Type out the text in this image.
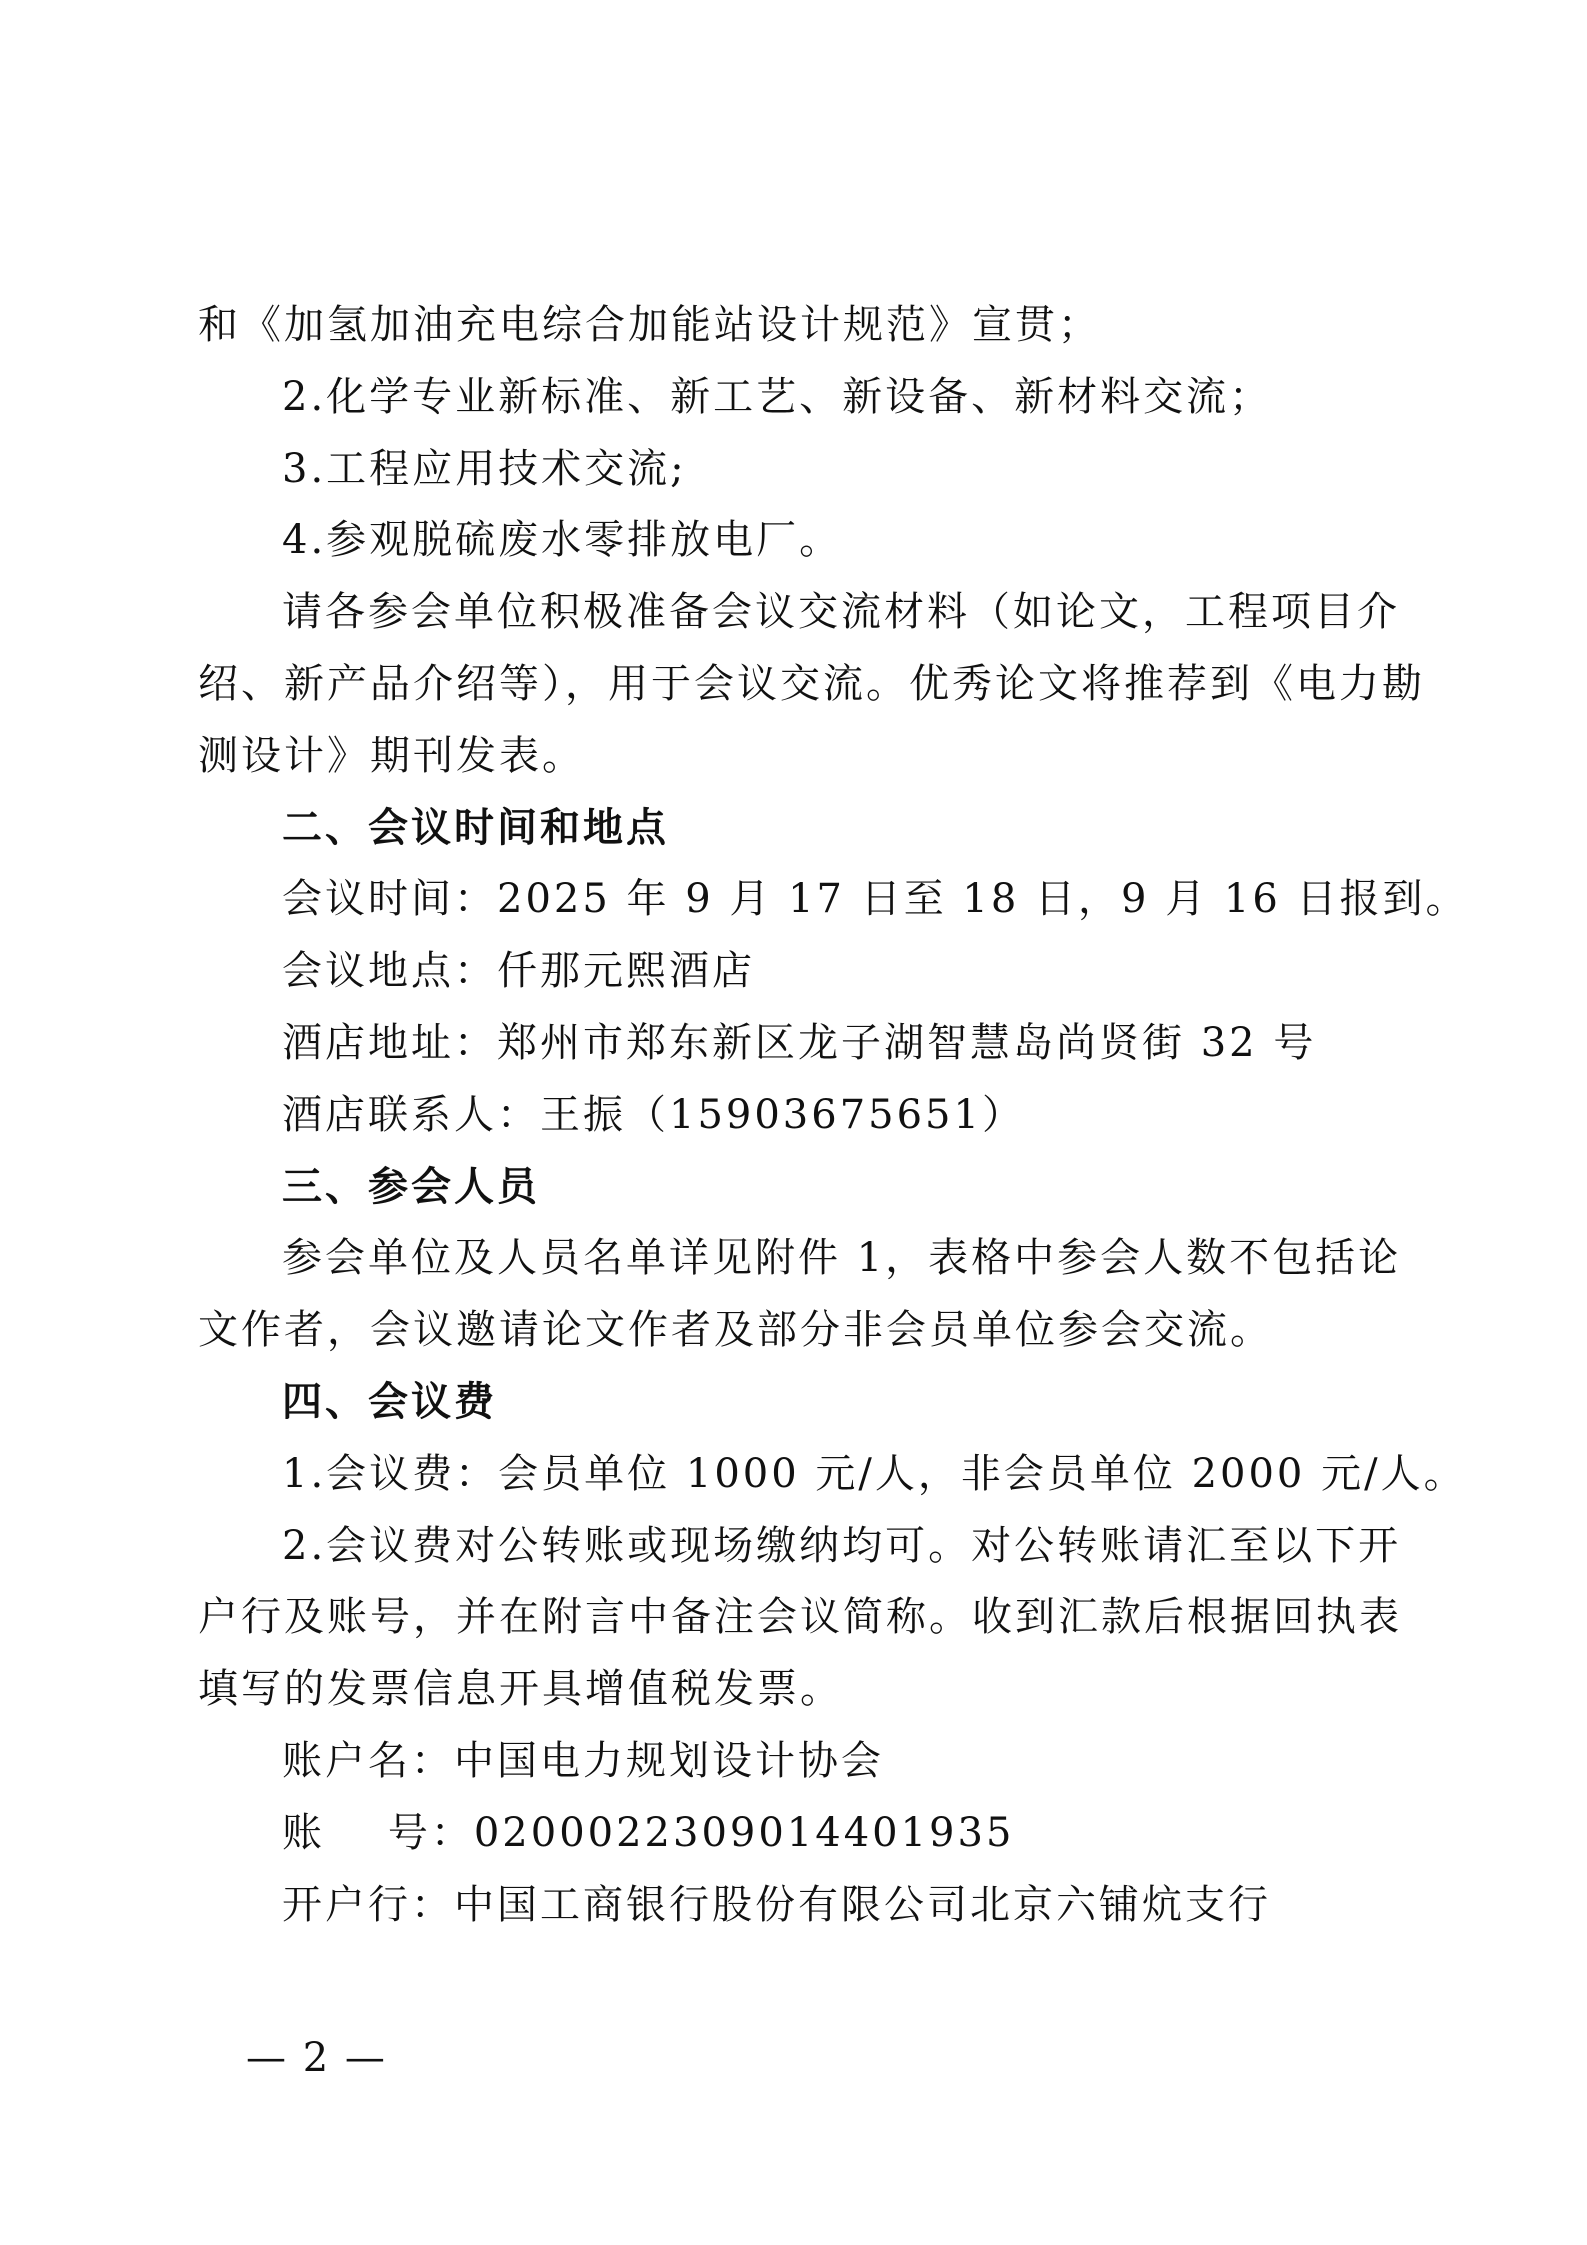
和《加氢加油充电综合加能站设计规范》宣贯；
2.化学专业新标准、新工艺、新设备、新材料交流；
3.工程应用技术交流;
4.参观脱硫废水零排放电厂。
请各参会单位积极准备会议交流材料（如论文，工程项目介
绍、新产品介绍等），用于会议交流。优秀论文将推荐到《电力勘
测设计》期刊发表。
二、会议时间和地点
会议时间：2025 年 9 月 17 日至 18 日，9 月 16 日报到。
会议地点：仟那元熙酒店
酒店地址：郑州市郑东新区龙子湖智慧岛尚贤街 32 号
酒店联系人：王振（15903675651）
三、参会人员
参会单位及人员名单详见附件 1，表格中参会人数不包括论
文作者，会议邀请论文作者及部分非会员单位参会交流。
四、会议费
1.会议费：会员单位 1000 元/人，非会员单位 2000 元/人。
2.会议费对公转账或现场缴纳均可。对公转账请汇至以下开
户行及账号，并在附言中备注会议简称。收到汇款后根据回执表
填写的发票信息开具增值税发票。
账户名：中国电力规划设计协会
账    号：0200022309014401935
开户行：中国工商银行股份有限公司北京六铺炕支行
— 2 —
